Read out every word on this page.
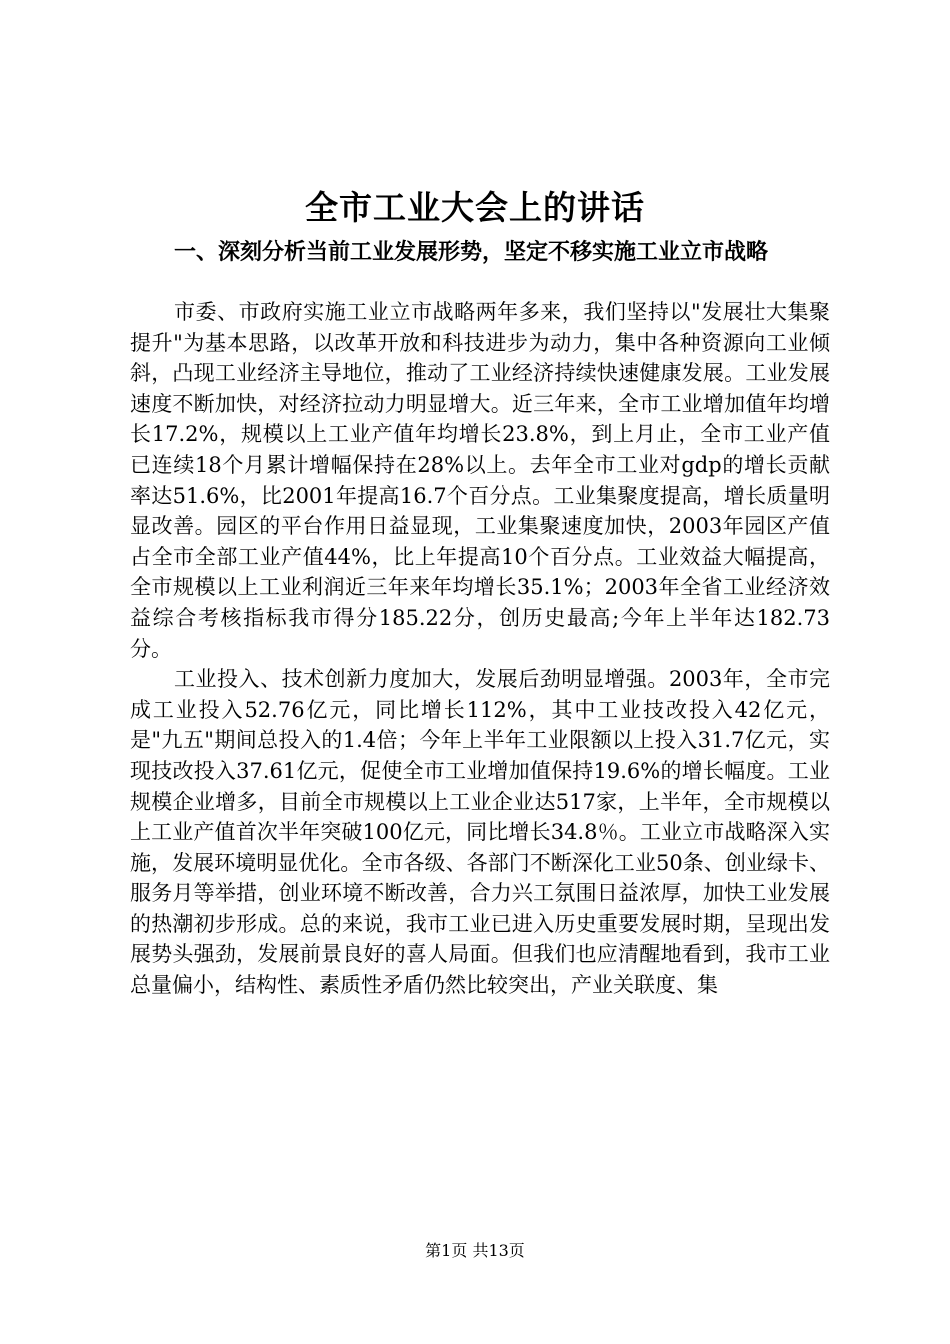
全市工业大会上的讲话
一、深刻分析当前工业发展形势，坚定不移实施工业立市战略

市委、市政府实施工业立市战略两年多来，我们坚持以"发展壮大集聚提升"为基本思路，以改革开放和科技进步为动力，集中各种资源向工业倾斜，凸现工业经济主导地位，推动了工业经济持续快速健康发展。工业发展速度不断加快，对经济拉动力明显增大。近三年来，全市工业增加值年均增长17.2%，规模以上工业产值年均增长23.8%，到上月止，全市工业产值已连续18个月累计增幅保持在28%以上。去年全市工业对gdp的增长贡献率达51.6%，比2001年提高16.7个百分点。工业集聚度提高，增长质量明显改善。园区的平台作用日益显现，工业集聚速度加快，2003年园区产值占全市全部工业产值44%，比上年提高10个百分点。工业效益大幅提高，全市规模以上工业利润近三年来年均增长35.1%；2003年全省工业经济效益综合考核指标我市得分185.22分，创历史最高;今年上半年达182.73分。

工业投入、技术创新力度加大，发展后劲明显增强。2003年，全市完成工业投入52.76亿元，同比增长112%，其中工业技改投入42亿元，是"九五"期间总投入的1.4倍；今年上半年工业限额以上投入31.7亿元，实现技改投入37.61亿元，促使全市工业增加值保持19.6%的增长幅度。工业规模企业增多，目前全市规模以上工业企业达517家，上半年，全市规模以上工业产值首次半年突破100亿元，同比增长34.8％。工业立市战略深入实施，发展环境明显优化。全市各级、各部门不断深化工业50条、创业绿卡、服务月等举措，创业环境不断改善，合力兴工氛围日益浓厚，加快工业发展的热潮初步形成。总的来说，我市工业已进入历史重要发展时期，呈现出发展势头强劲，发展前景良好的喜人局面。但我们也应清醒地看到，我市工业总量偏小，结构性、素质性矛盾仍然比较突出，产业关联度、集

第1页 共13页
